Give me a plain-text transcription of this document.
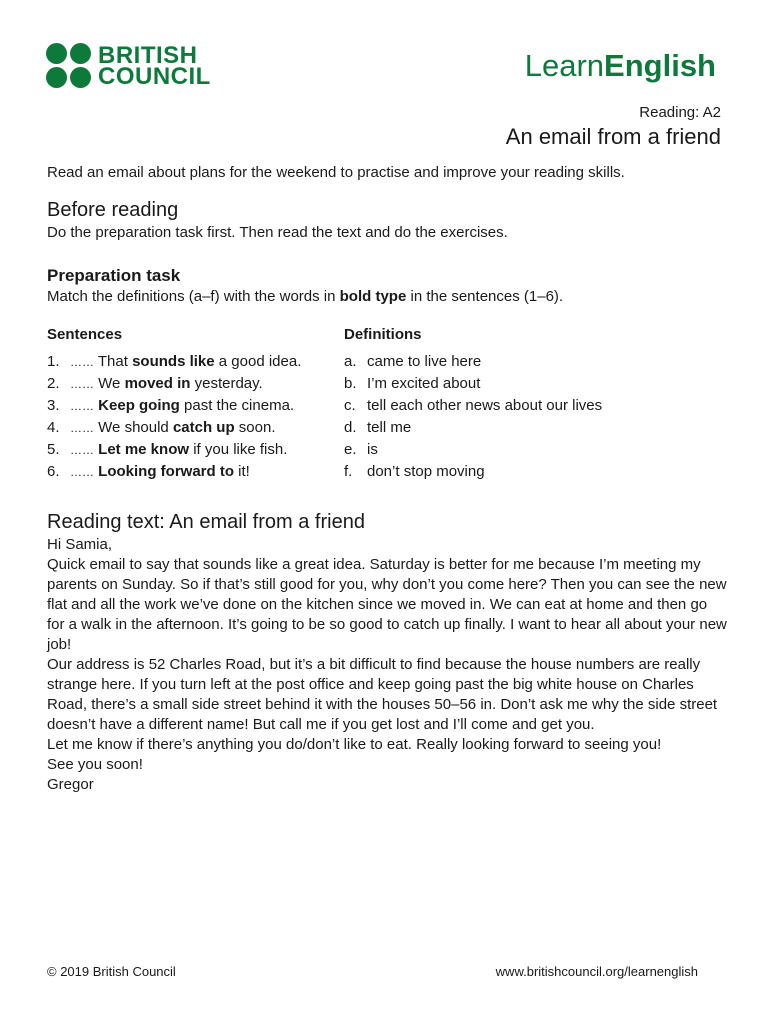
BRITISH
COUNCIL	LearnEnglish
Reading: A2
An email from a friend

Read an email about plans for the weekend to practise and improve your reading skills.

Before reading

Do the preparation task first. Then read the text and do the exercises.

Preparation task

Match the definitions (a–f) with the words in bold type in the sentences (1–6).

Sentences
1. …… That sounds like a good idea.
2. …… We moved in yesterday.
3. …… Keep going past the cinema.
4. …… We should catch up soon.
5. …… Let me know if you like fish.
6. …… Looking forward to it!
Definitions
a. came to live here
b. I’m excited about
c. tell each other news about our lives
d. tell me
e. is
f. don’t stop moving
Reading text: An email from a friend

Hi Samia,

Quick email to say that sounds like a great idea. Saturday is better for me because I’m meeting my parents on Sunday. So if that’s still good for you, why don’t you come here? Then you can see the new flat and all the work we’ve done on the kitchen since we moved in. We can eat at home and then go for a walk in the afternoon. It’s going to be so good to catch up finally. I want to hear all about your new job!

Our address is 52 Charles Road, but it’s a bit difficult to find because the house numbers are really strange here. If you turn left at the post office and keep going past the big white house on Charles Road, there’s a small side street behind it with the houses 50–56 in. Don’t ask me why the side street doesn’t have a different name! But call me if you get lost and I’ll come and get you.

Let me know if there’s anything you do/don’t like to eat. Really looking forward to seeing you!

See you soon!

Gregor

© 2019 British Council	www.britishcouncil.org/learnenglish
